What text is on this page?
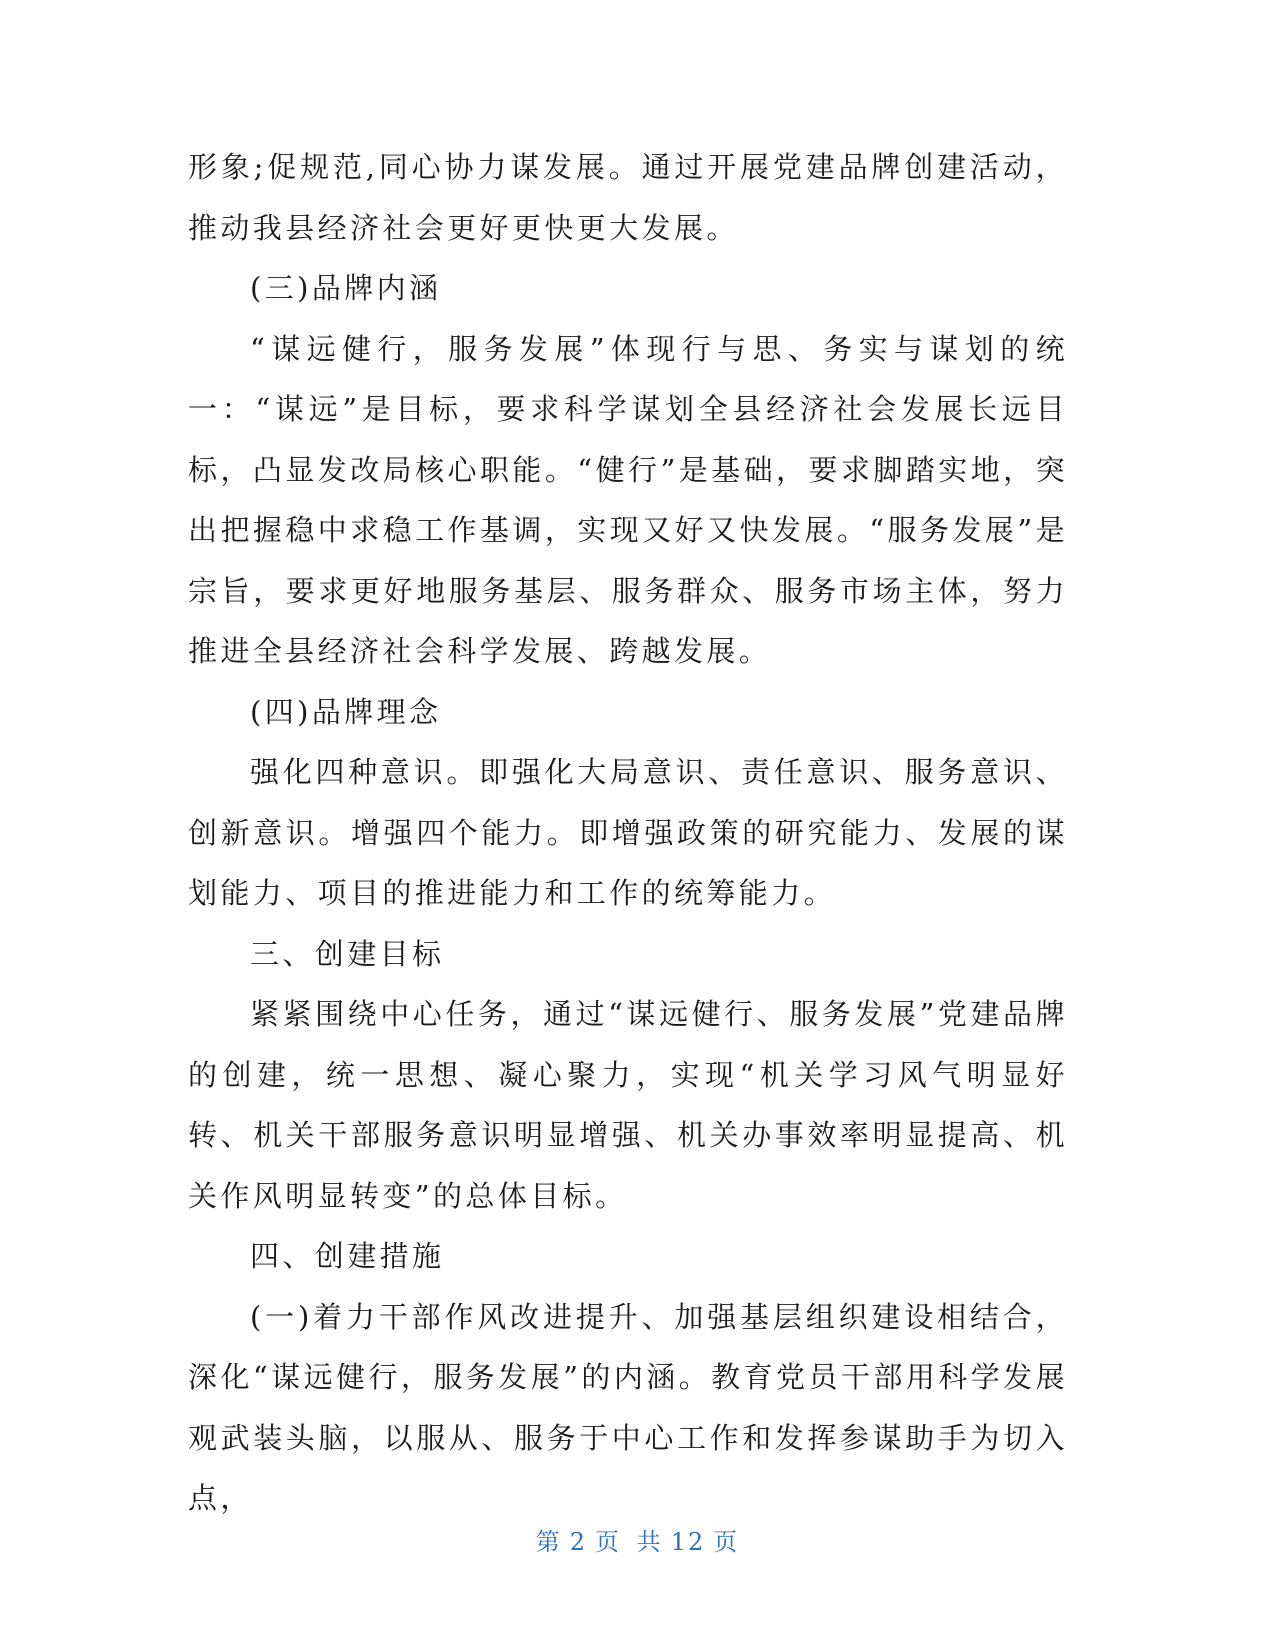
形象;促规范,同心协力谋发展。通过开展党建品牌创建活动，推动我县经济社会更好更快更大发展。

(三)品牌内涵

“谋远健行，服务发展”体现行与思、务实与谋划的统一：“谋远”是目标，要求科学谋划全县经济社会发展长远目标，凸显发改局核心职能。“健行”是基础，要求脚踏实地，突出把握稳中求稳工作基调，实现又好又快发展。“服务发展”是宗旨，要求更好地服务基层、服务群众、服务市场主体，努力推进全县经济社会科学发展、跨越发展。

(四)品牌理念

强化四种意识。即强化大局意识、责任意识、服务意识、创新意识。增强四个能力。即增强政策的研究能力、发展的谋划能力、项目的推进能力和工作的统筹能力。

三、创建目标

紧紧围绕中心任务，通过“谋远健行、服务发展”党建品牌的创建，统一思想、凝心聚力，实现“机关学习风气明显好转、机关干部服务意识明显增强、机关办事效率明显提高、机关作风明显转变”的总体目标。

四、创建措施

(一)着力干部作风改进提升、加强基层组织建设相结合，深化“谋远健行，服务发展”的内涵。教育党员干部用科学发展观武装头脑，以服从、服务于中心工作和发挥参谋助手为切入点，

第 2 页 共 12 页
